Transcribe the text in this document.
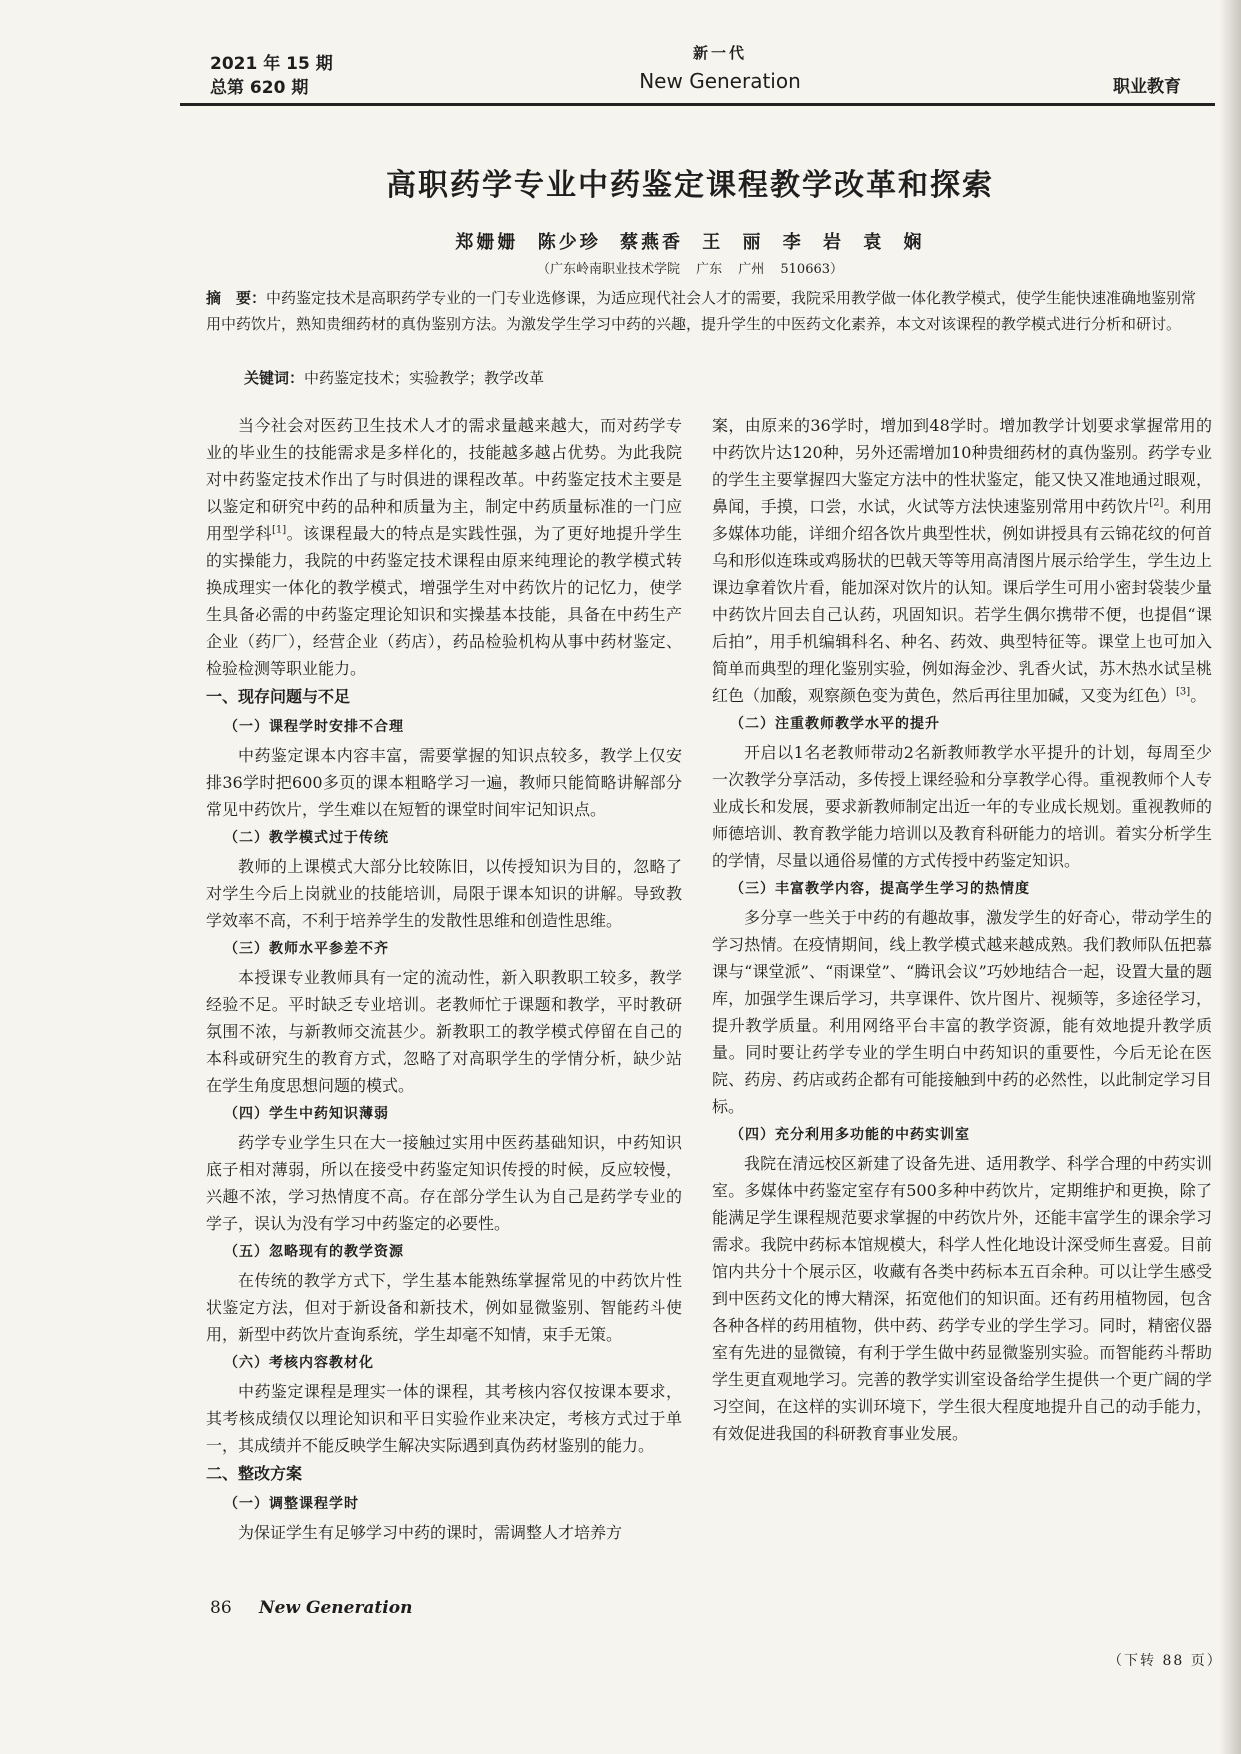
2021 年 15 期
总第 620 期
新一代
New Generation	职业教育
高职药学专业中药鉴定课程教学改革和探索
郑姗姗 陈少珍 蔡燕香 王 丽 李 岩 袁 娴
（广东岭南职业技术学院 广东 广州 510663）
摘　要：中药鉴定技术是高职药学专业的一门专业选修课，为适应现代社会人才的需要，我院采用教学做一体化教学模式，使学生能快速准确地鉴别常用中药饮片，熟知贵细药材的真伪鉴别方法。为激发学生学习中药的兴趣，提升学生的中医药文化素养，本文对该课程的教学模式进行分析和研讨。
关键词：中药鉴定技术；实验教学；教学改革

当今社会对医药卫生技术人才的需求量越来越大，而对药学专业的毕业生的技能需求是多样化的，技能越多越占优势。为此我院对中药鉴定技术作出了与时俱进的课程改革。中药鉴定技术主要是以鉴定和研究中药的品种和质量为主，制定中药质量标准的一门应用型学科[1]。该课程最大的特点是实践性强，为了更好地提升学生的实操能力，我院的中药鉴定技术课程由原来纯理论的教学模式转换成理实一体化的教学模式，增强学生对中药饮片的记忆力，使学生具备必需的中药鉴定理论知识和实操基本技能，具备在中药生产企业（药厂），经营企业（药店），药品检验机构从事中药材鉴定、检验检测等职业能力。

一、现存问题与不足
（一）课程学时安排不合理

中药鉴定课本内容丰富，需要掌握的知识点较多，教学上仅安排36学时把600多页的课本粗略学习一遍，教师只能简略讲解部分常见中药饮片，学生难以在短暂的课堂时间牢记知识点。

（二）教学模式过于传统

教师的上课模式大部分比较陈旧，以传授知识为目的，忽略了对学生今后上岗就业的技能培训，局限于课本知识的讲解。导致教学效率不高，不利于培养学生的发散性思维和创造性思维。

（三）教师水平参差不齐

本授课专业教师具有一定的流动性，新入职教职工较多，教学经验不足。平时缺乏专业培训。老教师忙于课题和教学，平时教研氛围不浓，与新教师交流甚少。新教职工的教学模式停留在自己的本科或研究生的教育方式，忽略了对高职学生的学情分析，缺少站在学生角度思想问题的模式。

（四）学生中药知识薄弱

药学专业学生只在大一接触过实用中医药基础知识，中药知识底子相对薄弱，所以在接受中药鉴定知识传授的时候，反应较慢，兴趣不浓，学习热情度不高。存在部分学生认为自己是药学专业的学子，误认为没有学习中药鉴定的必要性。

（五）忽略现有的教学资源

在传统的教学方式下，学生基本能熟练掌握常见的中药饮片性状鉴定方法，但对于新设备和新技术，例如显微鉴别、智能药斗使用，新型中药饮片查询系统，学生却毫不知情，束手无策。

（六）考核内容教材化

中药鉴定课程是理实一体的课程，其考核内容仅按课本要求，其考核成绩仅以理论知识和平日实验作业来决定，考核方式过于单一，其成绩并不能反映学生解决实际遇到真伪药材鉴别的能力。

二、整改方案
（一）调整课程学时

为保证学生有足够学习中药的课时，需调整人才培养方

案，由原来的36学时，增加到48学时。增加教学计划要求掌握常用的中药饮片达120种，另外还需增加10种贵细药材的真伪鉴别。药学专业的学生主要掌握四大鉴定方法中的性状鉴定，能又快又准地通过眼观，鼻闻，手摸，口尝，水试，火试等方法快速鉴别常用中药饮片[2]。利用多媒体功能，详细介绍各饮片典型性状，例如讲授具有云锦花纹的何首乌和形似连珠或鸡肠状的巴戟天等等用高清图片展示给学生，学生边上课边拿着饮片看，能加深对饮片的认知。课后学生可用小密封袋装少量中药饮片回去自己认药，巩固知识。若学生偶尔携带不便，也提倡“课后拍”，用手机编辑科名、种名、药效、典型特征等。课堂上也可加入简单而典型的理化鉴别实验，例如海金沙、乳香火试，苏木热水试呈桃红色（加酸，观察颜色变为黄色，然后再往里加碱，又变为红色）[3]。

（二）注重教师教学水平的提升

开启以1名老教师带动2名新教师教学水平提升的计划，每周至少一次教学分享活动，多传授上课经验和分享教学心得。重视教师个人专业成长和发展，要求新教师制定出近一年的专业成长规划。重视教师的师德培训、教育教学能力培训以及教育科研能力的培训。着实分析学生的学情，尽量以通俗易懂的方式传授中药鉴定知识。

（三）丰富教学内容，提高学生学习的热情度

多分享一些关于中药的有趣故事，激发学生的好奇心，带动学生的学习热情。在疫情期间，线上教学模式越来越成熟。我们教师队伍把慕课与“课堂派”、“雨课堂”、“腾讯会议”巧妙地结合一起，设置大量的题库，加强学生课后学习，共享课件、饮片图片、视频等，多途径学习，提升教学质量。利用网络平台丰富的教学资源，能有效地提升教学质量。同时要让药学专业的学生明白中药知识的重要性，今后无论在医院、药房、药店或药企都有可能接触到中药的必然性，以此制定学习目标。

（四）充分利用多功能的中药实训室

我院在清远校区新建了设备先进、适用教学、科学合理的中药实训室。多媒体中药鉴定室存有500多种中药饮片，定期维护和更换，除了能满足学生课程规范要求掌握的中药饮片外，还能丰富学生的课余学习需求。我院中药标本馆规模大，科学人性化地设计深受师生喜爱。目前馆内共分十个展示区，收藏有各类中药标本五百余种。可以让学生感受到中医药文化的博大精深，拓宽他们的知识面。还有药用植物园，包含各种各样的药用植物，供中药、药学专业的学生学习。同时，精密仪器室有先进的显微镜，有利于学生做中药显微鉴别实验。而智能药斗帮助学生更直观地学习。完善的教学实训室设备给学生提供一个更广阔的学习空间，在这样的实训环境下，学生很大程度地提升自己的动手能力，有效促进我国的科研教育事业发展。

（下转 88 页）
86 New Generation
